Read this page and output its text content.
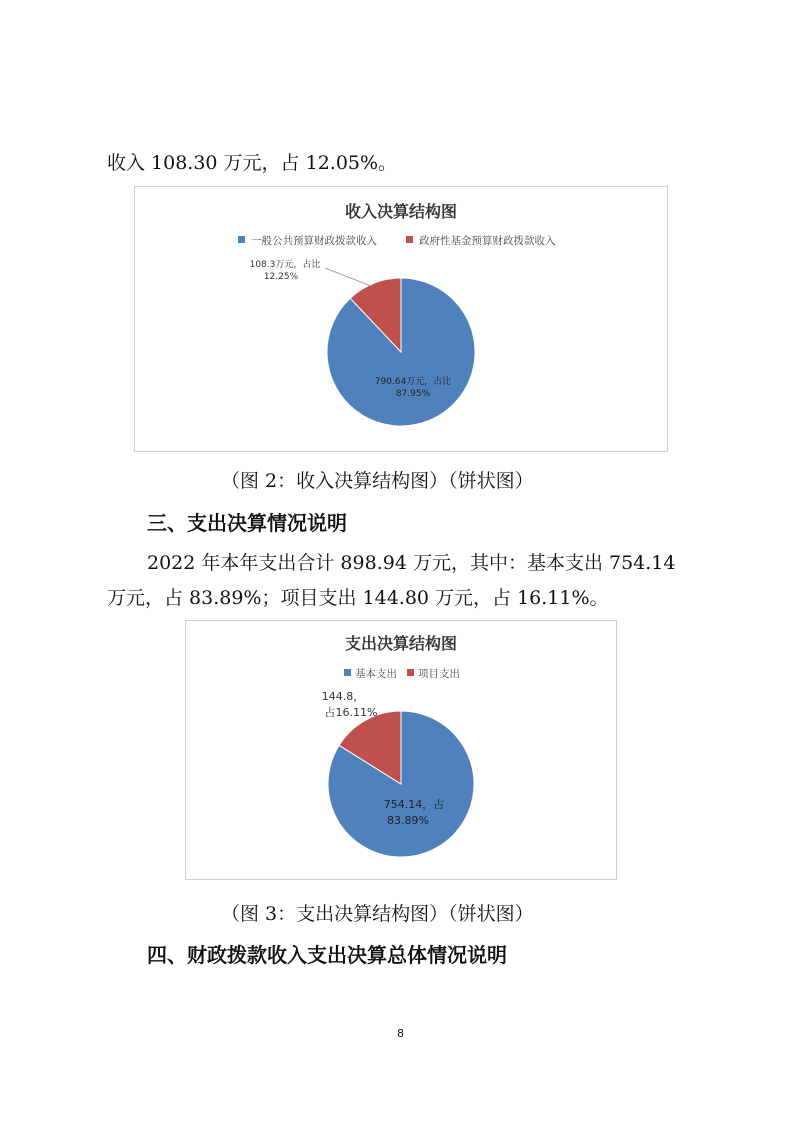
收入 108.30 万元，占 12.05%。
收入决算结构图
一般公共预算财政拨款收入	政府性基金预算财政拨款收入
108.3万元，占比
12.25%
790.64万元，占比
87.95%
（图 2：收入决算结构图）（饼状图）
三、支出决算情况说明
2022 年本年支出合计 898.94 万元，其中：基本支出 754.14
万元，占 83.89%；项目支出 144.80 万元，占 16.11%。
支出决算结构图
基本支出 项目支出
144.8，
占16.11%
754.14，占
83.89%
（图 3：支出决算结构图）（饼状图）
四、财政拨款收入支出决算总体情况说明
8
